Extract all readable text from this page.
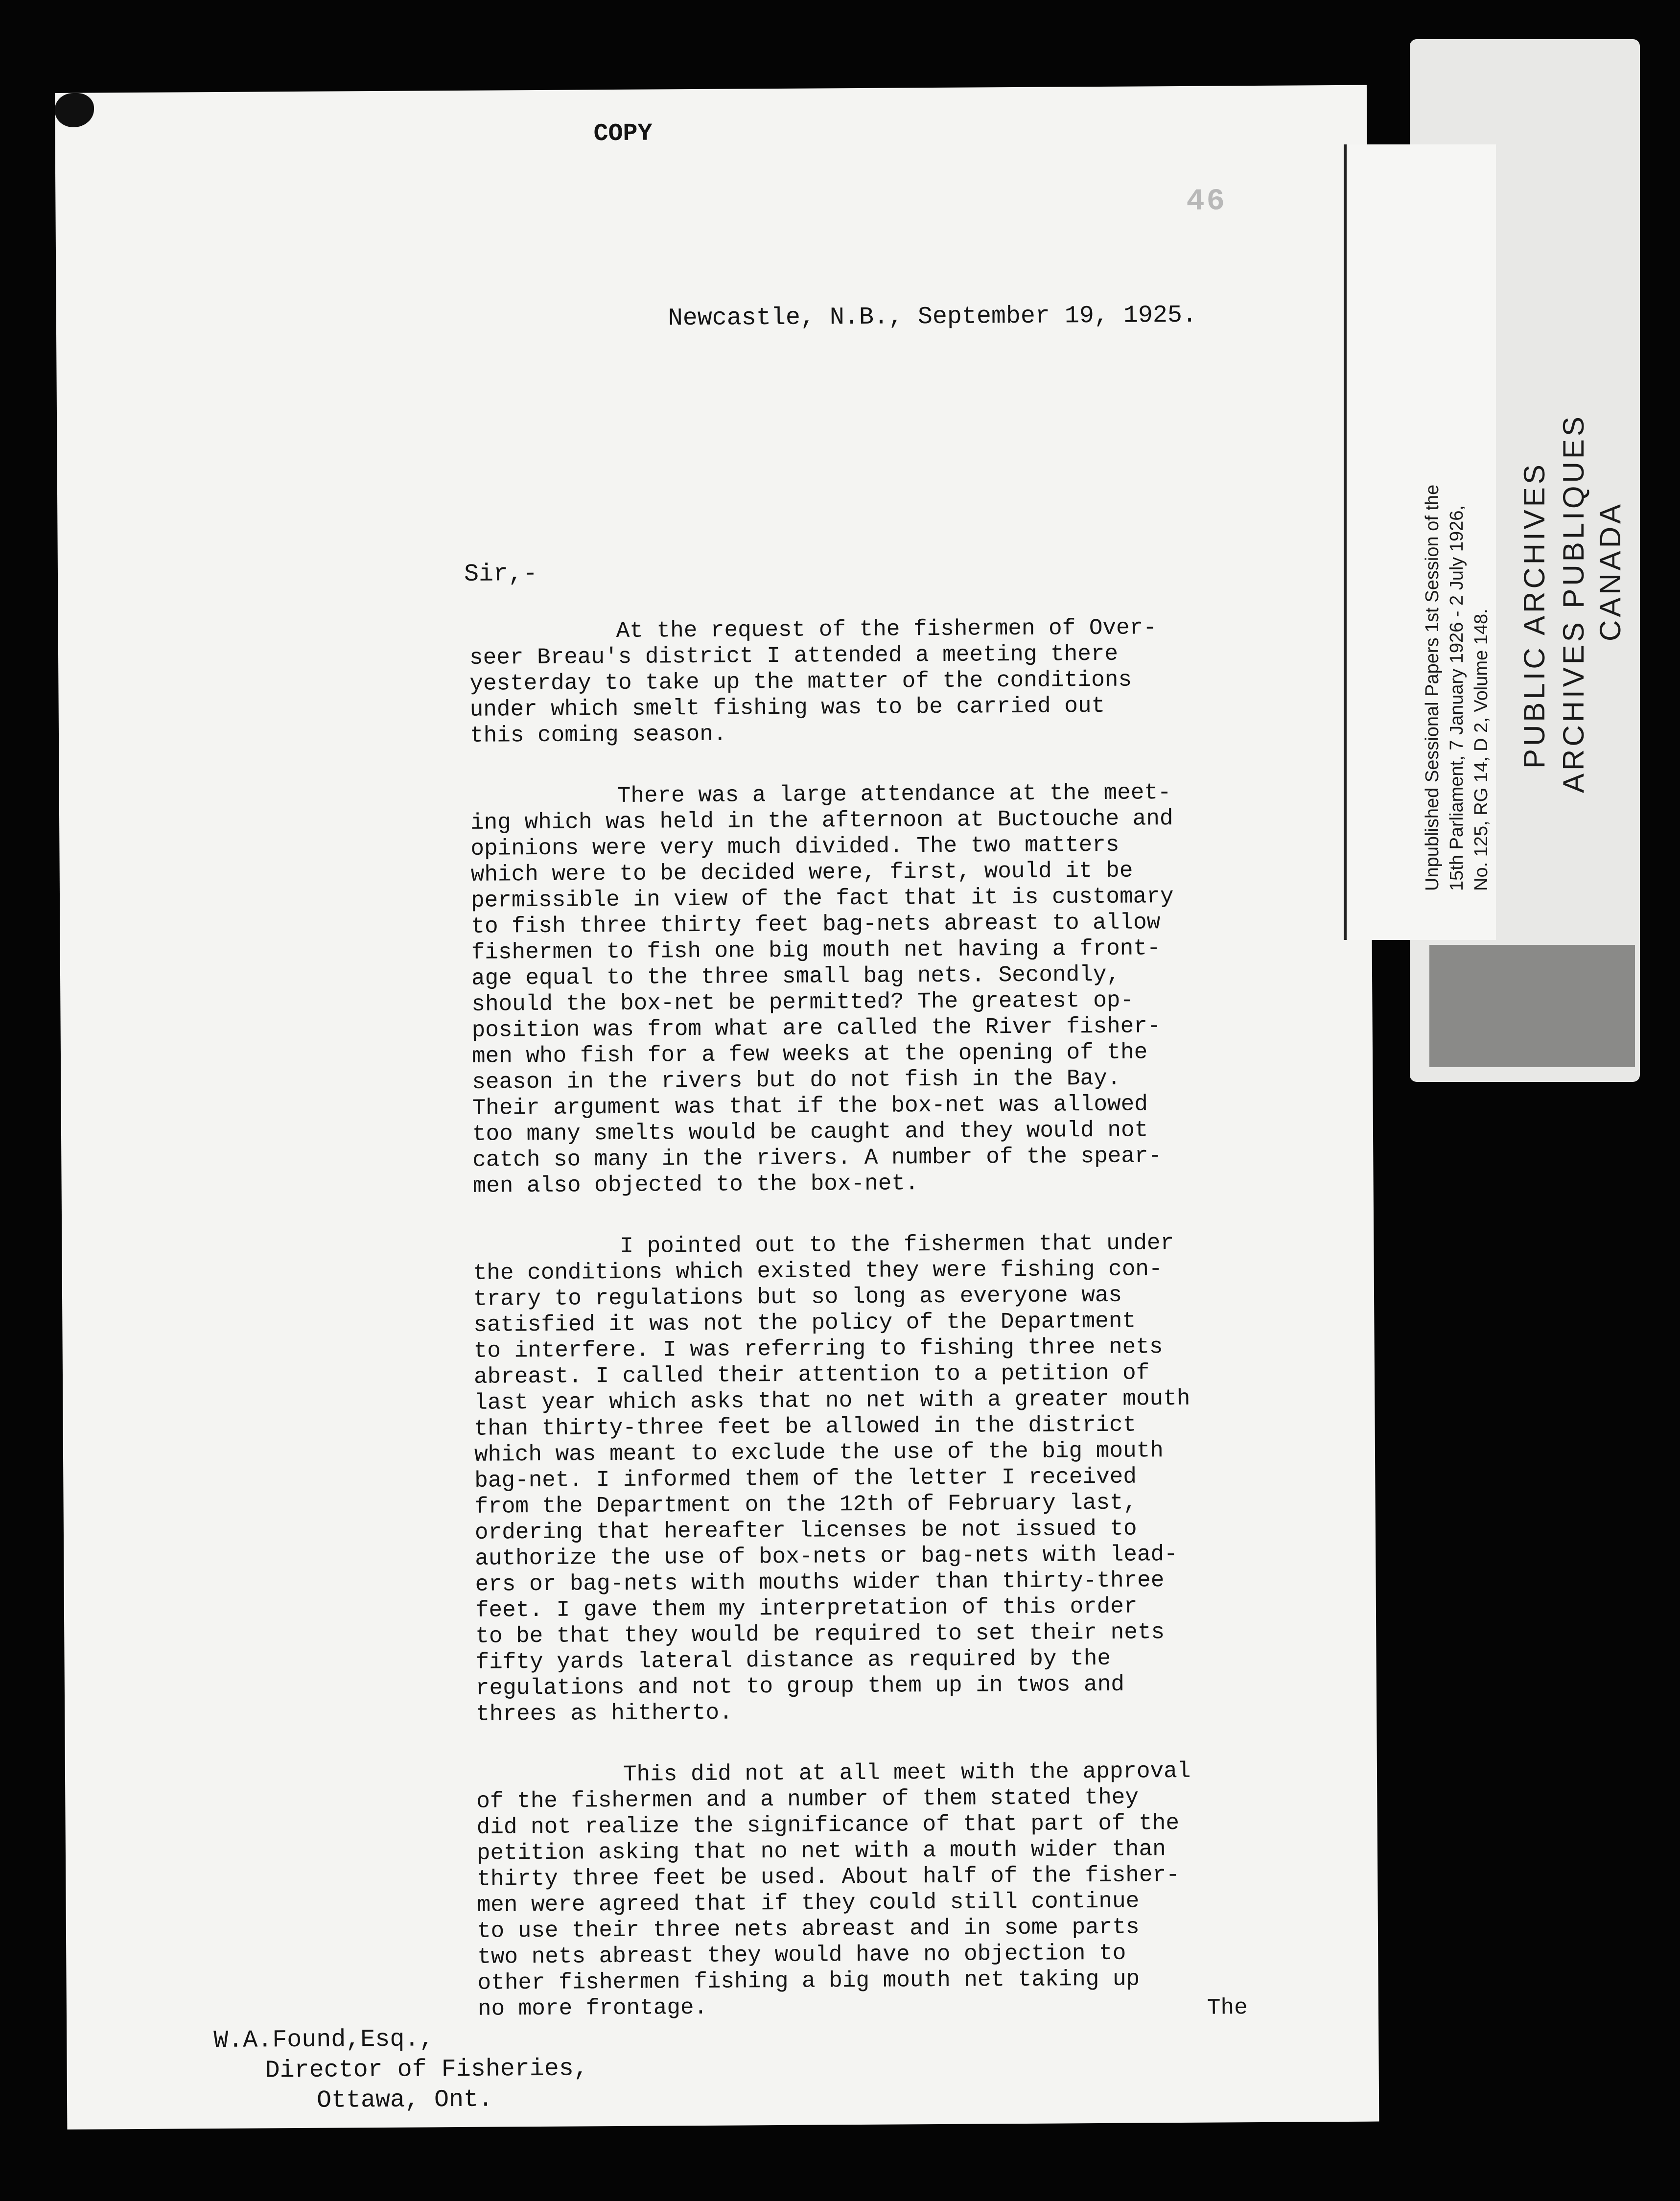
COPY
46
Newcastle, N.B., September 19, 1925.
Sir,-

At the request of the fishermen of Over-
seer Breau's district I attended a meeting there
yesterday to take up the matter of the conditions
under which smelt fishing was to be carried out
this coming season.

There was a large attendance at the meet-
ing which was held in the afternoon at Buctouche and
opinions were very much divided. The two matters
which were to be decided were, first, would it be
permissible in view of the fact that it is customary
to fish three thirty feet bag-nets abreast to allow
fishermen to fish one big mouth net having a front-
age equal to the three small bag nets. Secondly,
should the box-net be permitted? The greatest op-
position was from what are called the River fisher-
men who fish for a few weeks at the opening of the
season in the rivers but do not fish in the Bay.
Their argument was that if the box-net was allowed
too many smelts would be caught and they would not
catch so many in the rivers. A number of the spear-
men also objected to the box-net.

I pointed out to the fishermen that under
the conditions which existed they were fishing con-
trary to regulations but so long as everyone was
satisfied it was not the policy of the Department
to interfere. I was referring to fishing three nets
abreast. I called their attention to a petition of
last year which asks that no net with a greater mouth
than thirty-three feet be allowed in the district
which was meant to exclude the use of the big mouth
bag-net. I informed them of the letter I received
from the Department on the 12th of February last,
ordering that hereafter licenses be not issued to
authorize the use of box-nets or bag-nets with lead-
ers or bag-nets with mouths wider than thirty-three
feet. I gave them my interpretation of this order
to be that they would be required to set their nets
fifty yards lateral distance as required by the
regulations and not to group them up in twos and
threes as hitherto.

This did not at all meet with the approval
of the fishermen and a number of them stated they
did not realize the significance of that part of the
petition asking that no net with a mouth wider than
thirty three feet be used. About half of the fisher-
men were agreed that if they could still continue
to use their three nets abreast and in some parts
two nets abreast they would have no objection to
other fishermen fishing a big mouth net taking up
no more frontage.	The
W.A.Found,Esq.,
Director of Fisheries,
Ottawa, Ont.
Unpublished Sessional Papers 1st Session of the 15th Parliament, 7 January 1926 - 2 July 1926, No. 125, RG 14, D 2, Volume 148. PUBLIC ARCHIVES ARCHIVES PUBLIQUES CANADA
